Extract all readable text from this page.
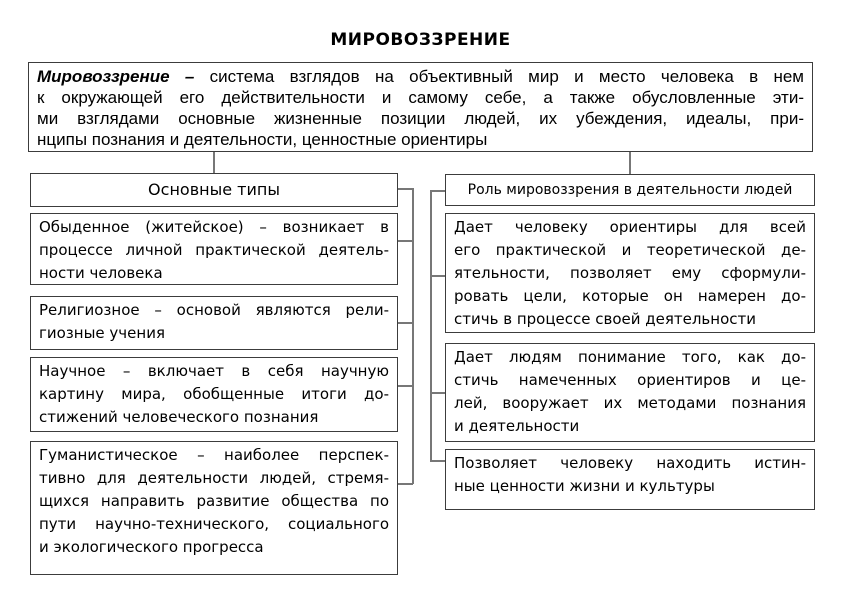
МИРОВОЗЗРЕНИЕ
Мировоззрение – система взглядов на объективный мир и место человека в нем
к окружающей его действительности и самому себе, а также обусловленные эти-
ми взглядами основные жизненные позиции людей, их убеждения, идеалы, при-
нципы познания и деятельности, ценностные ориентиры
Основные типы
Обыденное (житейское) – возникает в
процессе личной практической деятель-
ности человека
Религиозное – основой являются рели-
гиозные учения
Научное – включает в себя научную
картину мира, обобщенные итоги до-
стижений человеческого познания
Гуманистическое – наиболее перспек-
тивно для деятельности людей, стремя-
щихся направить развитие общества по
пути научно-технического, социального
и экологического прогресса
Роль мировоззрения в деятельности людей
Дает человеку ориентиры для всей
его практической и теоретической де-
ятельности, позволяет ему сформули-
ровать цели, которые он намерен до-
стичь в процессе своей деятельности
Дает людям понимание того, как до-
стичь намеченных ориентиров и це-
лей, вооружает их методами познания
и деятельности
Позволяет человеку находить истин-
ные ценности жизни и культуры
